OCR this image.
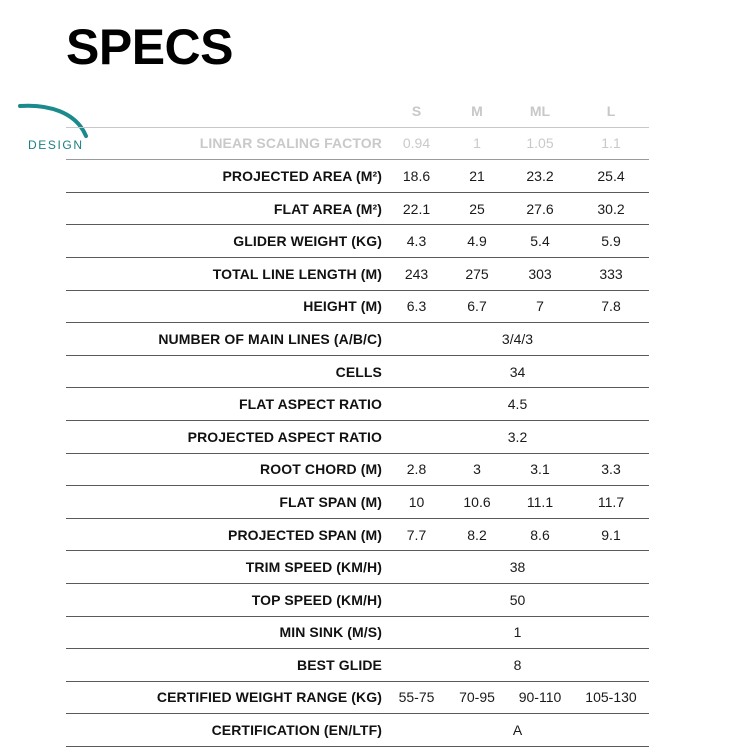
SPECS
DESIGN
	S	M	ML	L
LINEAR SCALING FACTOR	0.94	1	1.05	1.1
PROJECTED AREA (M²)	18.6	21	23.2	25.4
FLAT AREA (M²)	22.1	25	27.6	30.2
GLIDER WEIGHT (KG)	4.3	4.9	5.4	5.9
TOTAL LINE LENGTH (M)	243	275	303	333
HEIGHT (M)	6.3	6.7	7	7.8
NUMBER OF MAIN LINES (A/B/C)	3/4/3			
CELLS	34			
FLAT ASPECT RATIO	4.5			
PROJECTED ASPECT RATIO	3.2			
ROOT CHORD (M)	2.8	3	3.1	3.3
FLAT SPAN (M)	10	10.6	11.1	11.7
PROJECTED SPAN (M)	7.7	8.2	8.6	9.1
TRIM SPEED (KM/H)	38			
TOP SPEED (KM/H)	50			
MIN SINK (M/S)	1			
BEST GLIDE	8			
CERTIFIED WEIGHT RANGE (KG)	55-75	70-95	90-110	105-130
CERTIFICATION (EN/LTF)	A			
